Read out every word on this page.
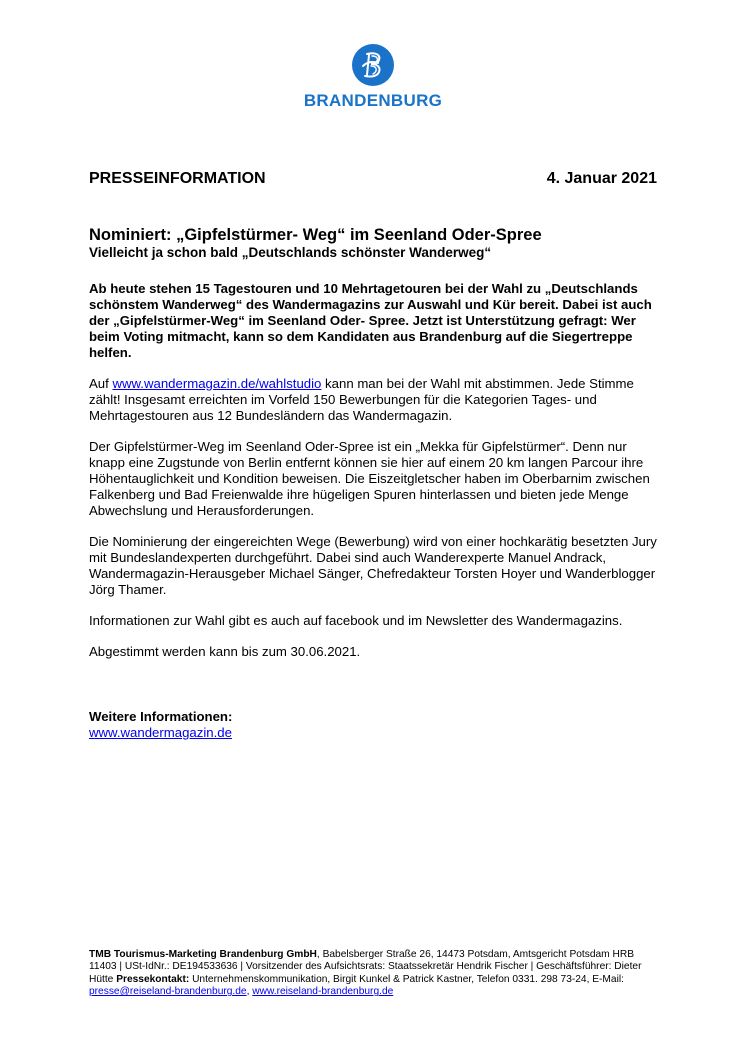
BRANDENBURG
PRESSEINFORMATION	4. Januar 2021
Nominiert: „Gipfelstürmer- Weg“ im Seenland Oder-Spree
Vielleicht ja schon bald „Deutschlands schönster Wanderweg“

Ab heute stehen 15 Tagestouren und 10 Mehrtagetouren bei der Wahl zu „Deutschlands schönstem Wanderweg“ des Wandermagazins zur Auswahl und Kür bereit. Dabei ist auch der „Gipfelstürmer-Weg“ im Seenland Oder- Spree. Jetzt ist Unterstützung gefragt: Wer beim Voting mitmacht, kann so dem Kandidaten aus Brandenburg auf die Siegertreppe helfen.

Auf www.wandermagazin.de/wahlstudio kann man bei der Wahl mit abstimmen. Jede Stimme zählt! Insgesamt erreichten im Vorfeld 150 Bewerbungen für die Kategorien Tages- und Mehrtagestouren aus 12 Bundesländern das Wandermagazin.

Der Gipfelstürmer-Weg im Seenland Oder-Spree ist ein „Mekka für Gipfelstürmer“. Denn nur knapp eine Zugstunde von Berlin entfernt können sie hier auf einem 20 km langen Parcour ihre Höhentauglichkeit und Kondition beweisen. Die Eiszeitgletscher haben im Oberbarnim zwischen Falkenberg und Bad Freienwalde ihre hügeligen Spuren hinterlassen und bieten jede Menge Abwechslung und Herausforderungen.

Die Nominierung der eingereichten Wege (Bewerbung) wird von einer hochkarätig besetzten Jury mit Bundeslandexperten durchgeführt. Dabei sind auch Wanderexperte Manuel Andrack, Wandermagazin-Herausgeber Michael Sänger, Chefredakteur Torsten Hoyer und Wanderblogger Jörg Thamer.

Informationen zur Wahl gibt es auch auf facebook und im Newsletter des Wandermagazins.

Abgestimmt werden kann bis zum 30.06.2021.

Weitere Informationen:
www.wandermagazin.de
TMB Tourismus-Marketing Brandenburg GmbH, Babelsberger Straße 26, 14473 Potsdam, Amtsgericht Potsdam HRB 11403 | USt-IdNr.: DE194533636 | Vorsitzender des Aufsichtsrats: Staatssekretär Hendrik Fischer | Geschäftsführer: Dieter Hütte Pressekontakt: Unternehmenskommunikation, Birgit Kunkel & Patrick Kastner, Telefon 0331. 298 73-24, E-Mail: presse@reiseland-brandenburg.de, www.reiseland-brandenburg.de
